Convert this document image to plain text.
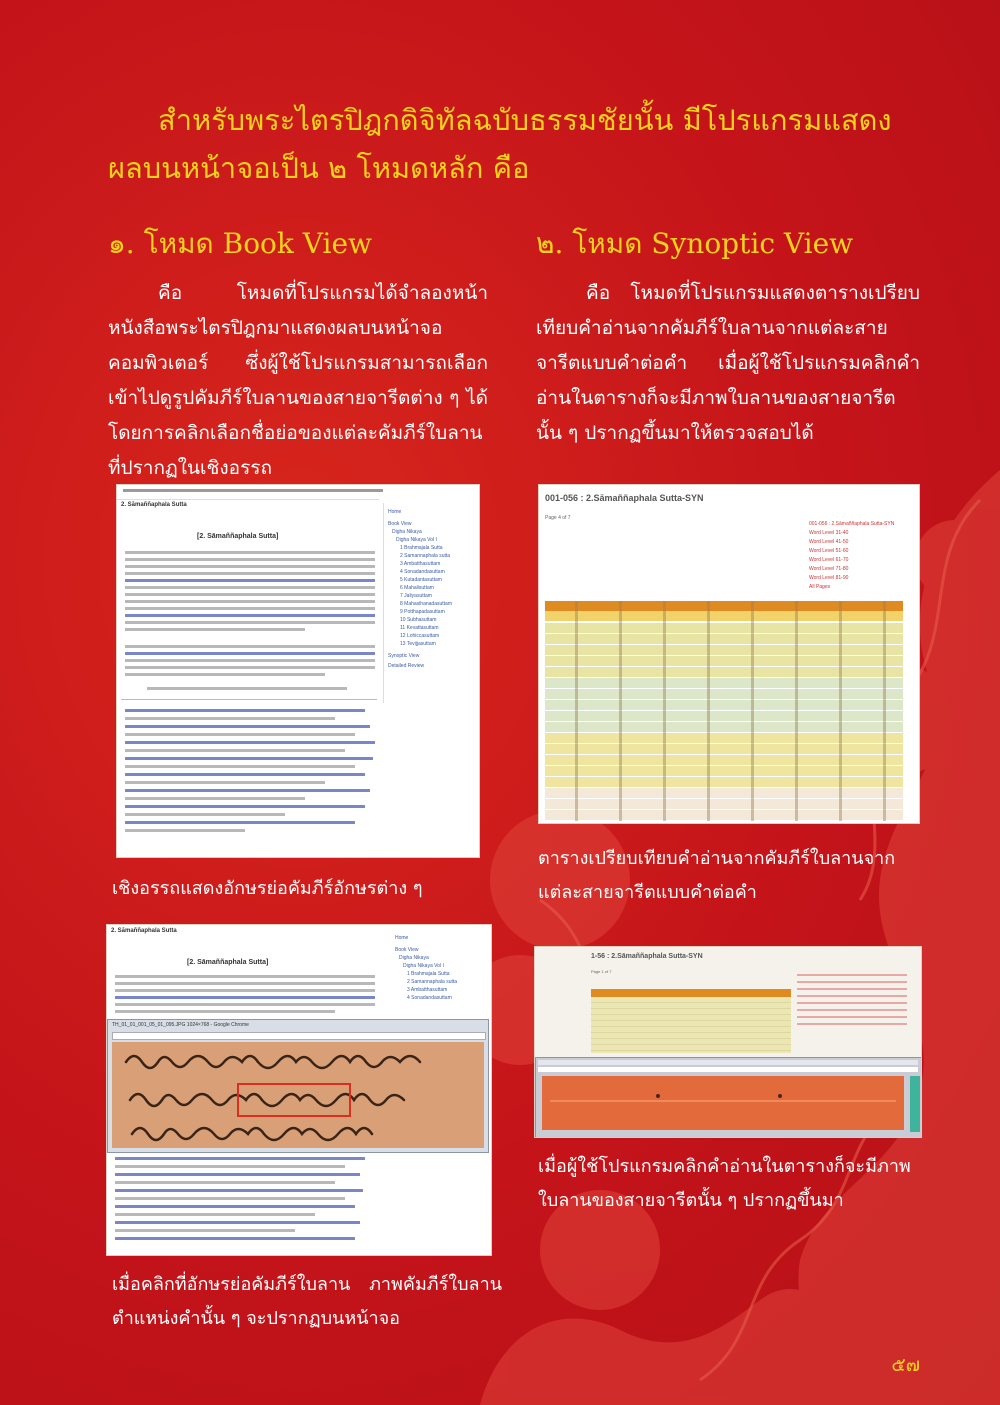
สำหรับพระไตรปิฎกดิจิทัลฉบับธรรมชัยนั้น มีโปรแกรมแสดงผลบนหน้าจอเป็น ๒ โหมดหลัก คือ
๑. โหมด Book View

คือ โหมดที่โปรแกรมได้จำลองหน้าหนังสือพระไตรปิฎกมาแสดงผลบนหน้าจอคอมพิวเตอร์ ซึ่งผู้ใช้โปรแกรมสามารถเลือกเข้าไปดูรูปคัมภีร์ใบลานของสายจารีตต่าง ๆ ได้ โดยการคลิกเลือกชื่อย่อของแต่ละคัมภีร์ใบลานที่ปรากฏในเชิงอรรถ

๒. โหมด Synoptic View

คือ โหมดที่โปรแกรมแสดงตารางเปรียบเทียบคำอ่านจากคัมภีร์ใบลานจากแต่ละสายจารีตแบบคำต่อคำ เมื่อผู้ใช้โปรแกรมคลิกคำอ่านในตารางก็จะมีภาพใบลานของสายจารีตนั้น ๆ ปรากฏขึ้นมาให้ตรวจสอบได้

2. Sāmaññaphala Sutta
[2. Sāmaññaphala Sutta]
Home
Book View
Digha Nikaya
Digha Nikaya Vol I
1 Brahmajala Sutta
2 Samannaphala sutta
3 Ambatthasuttam
4 Sonadandasuttam
5 Kutadantasuttam
6 Mahalisuttam
7 Jaliyasuttam
8 Mahasihanadasuttam
9 Potthapadasuttam
10 Subhasuttam
11 Kevattasuttam
12 Lohiccasuttam
13 Tevijjasuttam
Synoptic View
Detailed Review

เชิงอรรถแสดงอักษรย่อคัมภีร์อักษรต่าง ๆ

001-056 : 2.Sāmaññaphala Sutta-SYN
Page 4 of 7
001-056 : 2.Sāmaññaphala Sutta-SYN
Word Level 31-40
Word Level 41-50
Word Level 51-60
Word Level 61-70
Word Level 71-80
Word Level 81-90
All Pages

ตารางเปรียบเทียบคำอ่านจากคัมภีร์ใบลานจากแต่ละสายจารีตแบบคำต่อคำ

2. Sāmaññaphala Sutta
[2. Sāmaññaphala Sutta]
Home
Book View
Digha Nikaya
Digha Nikaya Vol I
1 Brahmajala Sutta
2 Samannaphala sutta
3 Ambatthasuttam
4 Sonadandasuttam
TH_01_01_001_05_01_095.JPG 1024×768 - Google Chrome

เมื่อคลิกที่อักษรย่อคัมภีร์ใบลาน ภาพคัมภีร์ใบลานตำแหน่งคำนั้น ๆ จะปรากฏบนหน้าจอ

1-56 : 2.Sāmaññaphala Sutta-SYN
Page 1 of 7

เมื่อผู้ใช้โปรแกรมคลิกคำอ่านในตารางก็จะมีภาพใบลานของสายจารีตนั้น ๆ ปรากฏขึ้นมา

๕๗
